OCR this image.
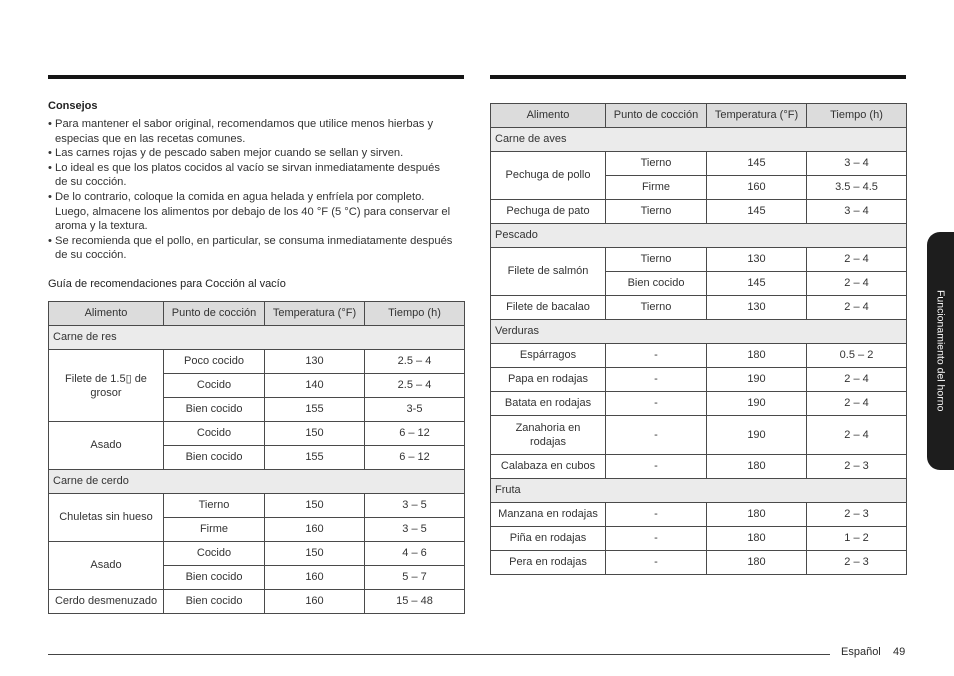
Consejos
• Para mantener el sabor original, recomendamos que utilice menos hierbas y
especias que en las recetas comunes.
• Las carnes rojas y de pescado saben mejor cuando se sellan y sirven.
• Lo ideal es que los platos cocidos al vacío se sirvan inmediatamente después
de su cocción.
• De lo contrario, coloque la comida en agua helada y enfríela por completo.
Luego, almacene los alimentos por debajo de los 40 °F (5 °C) para conservar el
aroma y la textura.
• Se recomienda que el pollo, en particular, se consuma inmediatamente después
de su cocción.
Guía de recomendaciones para Cocción al vacío
Alimento	Punto de cocción	Temperatura (°F)	Tiempo (h)
Carne de res
Filete de 1.5▯ de
grosor
Poco cocido	130	2.5 – 4
Cocido	140	2.5 – 4
Bien cocido	155	3-5
Asado
Cocido	150	6 – 12
Bien cocido	155	6 – 12
Carne de cerdo
Chuletas sin hueso
Tierno	150	3 – 5
Firme	160	3 – 5
Asado
Cocido	150	4 – 6
Bien cocido	160	5 – 7
Cerdo desmenuzado	Bien cocido	160	15 – 48
Alimento	Punto de cocción	Temperatura (°F)	Tiempo (h)
Carne de aves
Pechuga de pollo
Tierno	145	3 – 4
Firme	160	3.5 – 4.5
Pechuga de pato	Tierno	145	3 – 4
Pescado
Filete de salmón
Tierno	130	2 – 4
Bien cocido	145	2 – 4
Filete de bacalao	Tierno	130	2 – 4
Verduras
Espárragos	-	180	0.5 – 2
Papa en rodajas	-	190	2 – 4
Batata en rodajas	-	190	2 – 4
Zanahoria en
rodajas
-	190	2 – 4
Calabaza en cubos	-	180	2 – 3
Fruta
Manzana en rodajas	-	180	2 – 3
Piña en rodajas	-	180	1 – 2
Pera en rodajas	-	180	2 – 3
Funcionamiento del horno
Español 49
